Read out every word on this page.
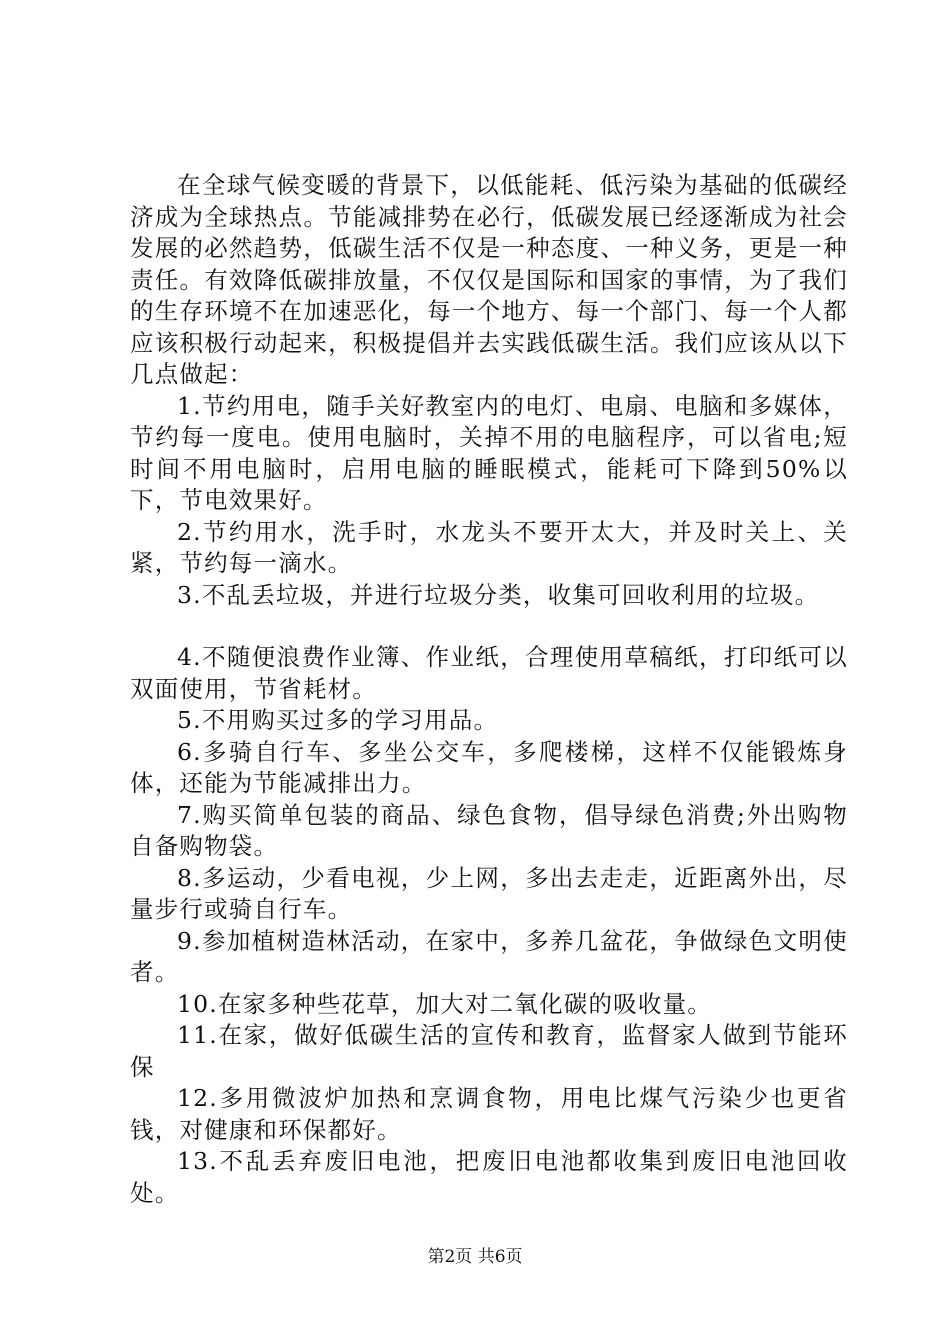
在全球气候变暖的背景下，以低能耗、低污染为基础的低碳经济成为全球热点。节能减排势在必行，低碳发展已经逐渐成为社会发展的必然趋势，低碳生活不仅是一种态度、一种义务，更是一种责任。有效降低碳排放量，不仅仅是国际和国家的事情，为了我们的生存环境不在加速恶化，每一个地方、每一个部门、每一个人都应该积极行动起来，积极提倡并去实践低碳生活。我们应该从以下几点做起：

1.节约用电，随手关好教室内的电灯、电扇、电脑和多媒体，节约每一度电。使用电脑时，关掉不用的电脑程序，可以省电;短时间不用电脑时，启用电脑的睡眠模式，能耗可下降到50%以下，节电效果好。

2.节约用水，洗手时，水龙头不要开太大，并及时关上、关紧，节约每一滴水。

3.不乱丢垃圾，并进行垃圾分类，收集可回收利用的垃圾。

4.不随便浪费作业簿、作业纸，合理使用草稿纸，打印纸可以双面使用，节省耗材。

5.不用购买过多的学习用品。

6.多骑自行车、多坐公交车，多爬楼梯，这样不仅能锻炼身体，还能为节能减排出力。

7.购买简单包装的商品、绿色食物，倡导绿色消费;外出购物自备购物袋。

8.多运动，少看电视，少上网，多出去走走，近距离外出，尽量步行或骑自行车。

9.参加植树造林活动，在家中，多养几盆花，争做绿色文明使者。

10.在家多种些花草，加大对二氧化碳的吸收量。

11.在家，做好低碳生活的宣传和教育，监督家人做到节能环保

12.多用微波炉加热和烹调食物，用电比煤气污染少也更省钱，对健康和环保都好。

13.不乱丢弃废旧电池，把废旧电池都收集到废旧电池回收处。

第2页 共6页
